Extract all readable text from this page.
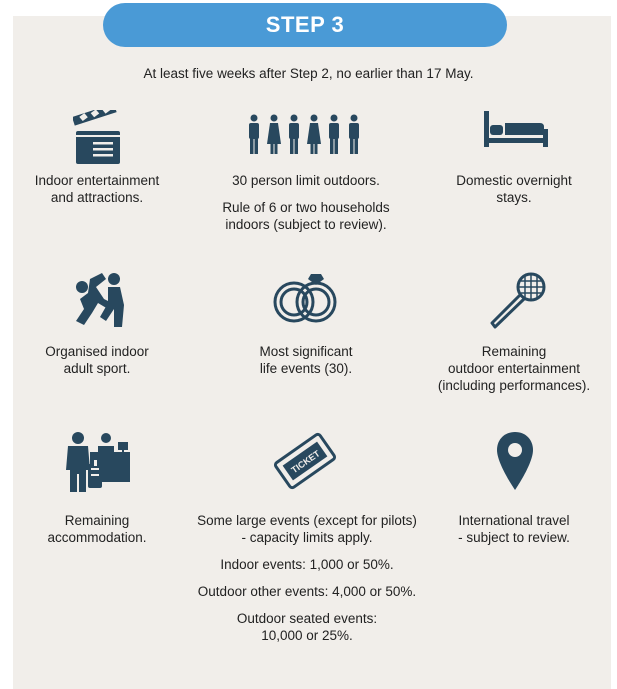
STEP 3
At least five weeks after Step 2, no earlier than 17 May.

Indoor entertainment

and attractions.

30 person limit outdoors.

Rule of 6 or two households

indoors (subject to review).

Domestic overnight

stays.

Organised indoor

adult sport.

Most significant

life events (30).

Remaining

outdoor entertainment

(including performances).

Remaining

accommodation.

TICKET

Some large events (except for pilots)

- capacity limits apply.

Indoor events: 1,000 or 50%.

Outdoor other events: 4,000 or 50%.

Outdoor seated events:

10,000 or 25%.

International travel

- subject to review.
